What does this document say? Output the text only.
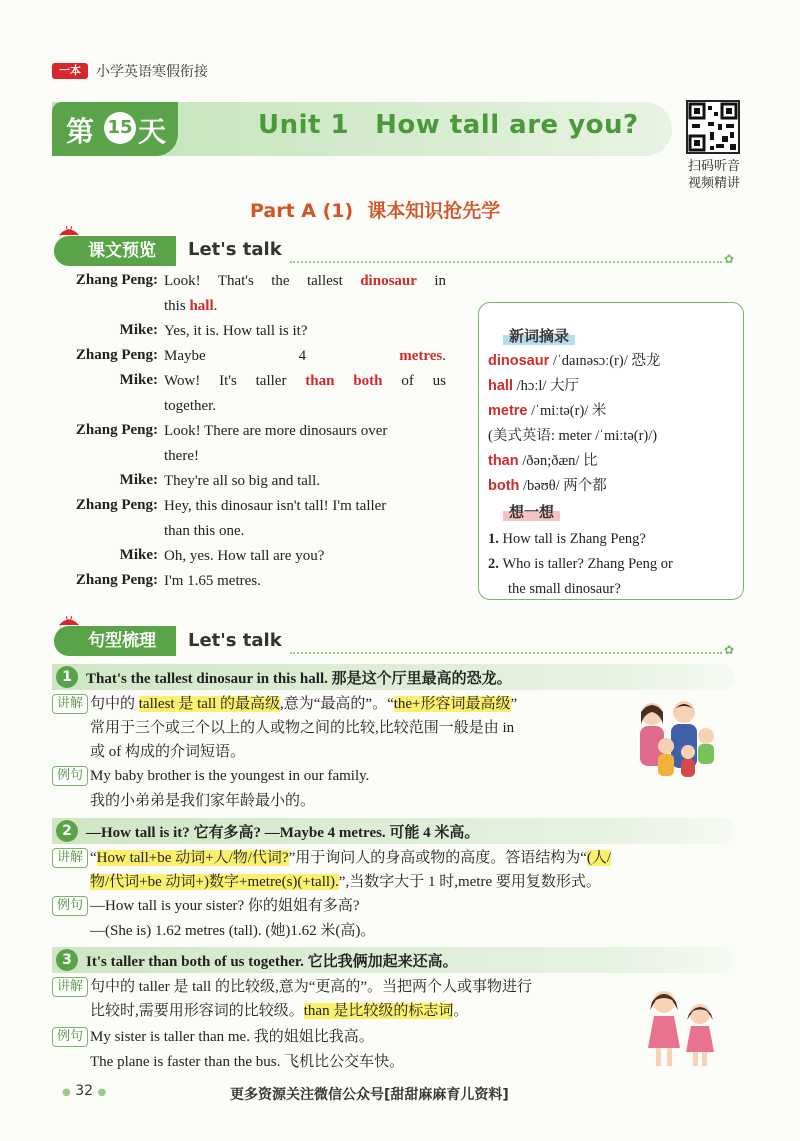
一本	小学英语寒假衔接
第 15 天	Unit 1 How tall are you?
扫码听音
视频精讲
Part A (1) 课本知识抢先学
课文预览	Let's talk	✿
Zhang Peng: Look! That's the tallest dinosaur in
this hall.
Mike: Yes, it is. How tall is it?
Zhang Peng: Maybe 4 metres.
Mike: Wow! It's taller than both of us
together.
Zhang Peng: Look! There are more dinosaurs over
there!
Mike: They're all so big and tall.
Zhang Peng: Hey, this dinosaur isn't tall! I'm taller
than this one.
Mike: Oh, yes. How tall are you?
Zhang Peng: I'm 1.65 metres.
新词摘录
dinosaur /ˈdaɪnəsɔː(r)/ 恐龙
hall /hɔːl/ 大厅
metre /ˈmiːtə(r)/ 米
(美式英语: meter /ˈmiːtə(r)/)
than /ðən;ðæn/ 比
both /bəʊθ/ 两个都
想一想
1. How tall is Zhang Peng?
2. Who is taller? Zhang Peng or
the small dinosaur?
句型梳理	Let's talk	✿
1 That's the tallest dinosaur in this hall. 那是这个厅里最高的恐龙。
讲解 句中的 tallest 是 tall 的最高级,意为“最高的”。“the+形容词最高级”
常用于三个或三个以上的人或物之间的比较,比较范围一般是由 in
或 of 构成的介词短语。
例句 My baby brother is the youngest in our family.
我的小弟弟是我们家年龄最小的。
2 —How tall is it? 它有多高? —Maybe 4 metres. 可能 4 米高。
讲解 “How tall+be 动词+人/物/代词?”用于询问人的身高或物的高度。答语结构为“(人/
物/代词+be 动词+)数字+metre(s)(+tall).”,当数字大于 1 时,metre 要用复数形式。
例句 —How tall is your sister? 你的姐姐有多高?
—(She is) 1.62 metres (tall). (她)1.62 米(高)。
3 It's taller than both of us together. 它比我俩加起来还高。
讲解 句中的 taller 是 tall 的比较级,意为“更高的”。当把两个人或事物进行
比较时,需要用形容词的比较级。than 是比较级的标志词。
例句 My sister is taller than me. 我的姐姐比我高。
The plane is faster than the bus. 飞机比公交车快。
● 32 ●	更多资源关注微信公众号[甜甜麻麻育儿资料]
